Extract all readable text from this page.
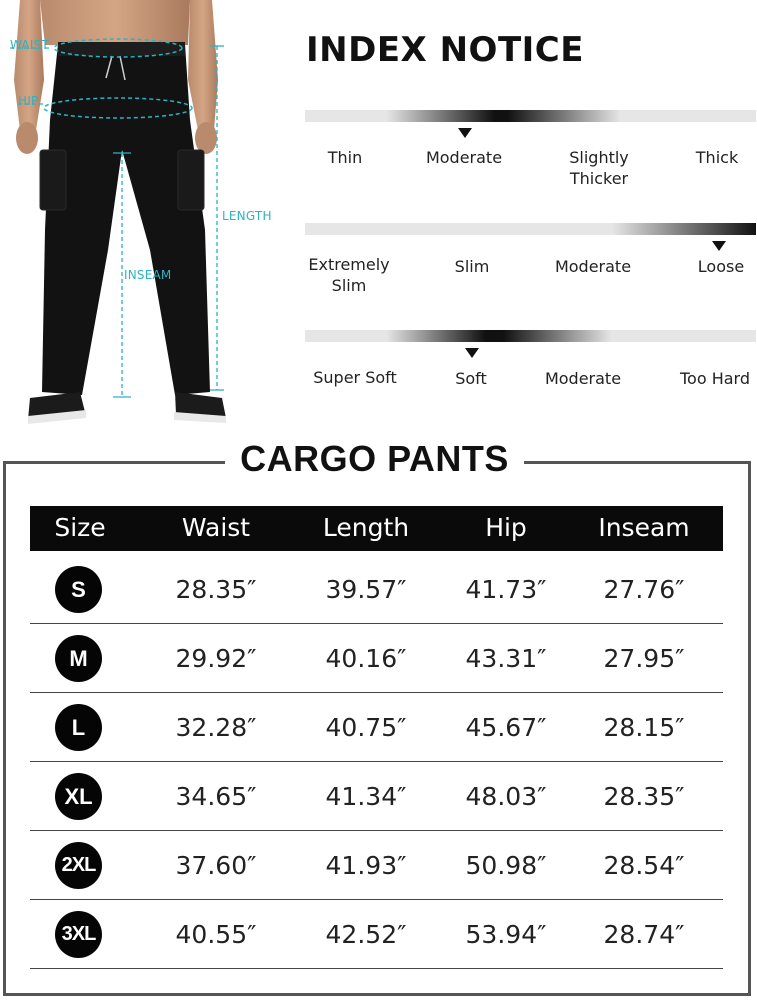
WAIST
HIP
LENGTH
INSEAM
INDEX NOTICE
Thin	Moderate	Slightly Thicker
Thick
Extremely Slim
Slim	Moderate	Loose
Super Soft	Soft	Moderate	Too Hard
CARGO PANTS
Size	Waist	Length	Hip	Inseam
S	28.35″	39.57″	41.73″	27.76″
M	29.92″	40.16″	43.31″	27.95″
L	32.28″	40.75″	45.67″	28.15″
XL	34.65″	41.34″	48.03″	28.35″
2XL	37.60″	41.93″	50.98″	28.54″
3XL	40.55″	42.52″	53.94″	28.74″
